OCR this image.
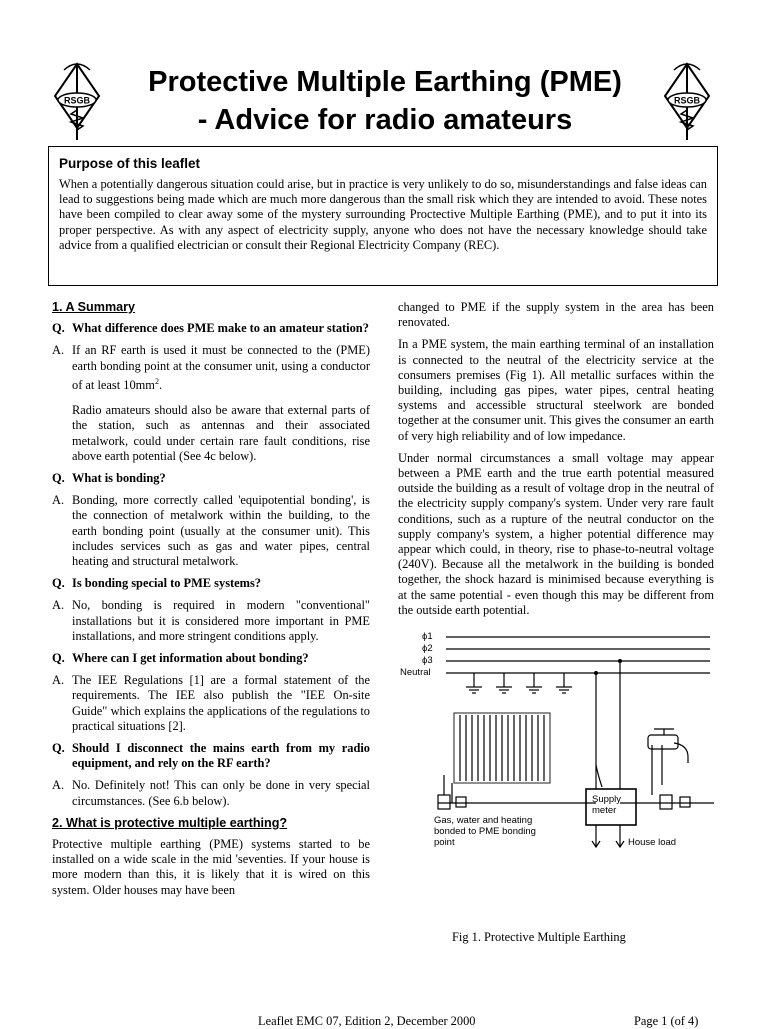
RSGB	RSGB
Protective Multiple Earthing (PME)
- Advice for radio amateurs
Purpose of this leaflet

When a potentially dangerous situation could arise, but in practice is very unlikely to do so, misunderstandings and false ideas can lead to suggestions being made which are much more dangerous than the small risk which they are intended to avoid. These notes have been compiled to clear away some of the mystery surrounding Proctective Multiple Earthing (PME), and to put it into its proper perspective. As with any aspect of electricity supply, anyone who does not have the necessary knowledge should take advice from a qualified electrician or consult their Regional Electricity Company (REC).

1. A Summary
Q. What difference does PME make to an amateur station?
A. If an RF earth is used it must be connected to the (PME) earth bonding point at the consumer unit, using a conductor of at least $10mm^2$.
Radio amateurs should also be aware that external parts of the station, such as antennas and their associated metalwork, could under certain rare fault conditions, rise above earth potential (See 4c below).
Q. What is bonding?
A. Bonding, more correctly called 'equipotential bonding', is the connection of metalwork within the building, to the earth bonding point (usually at the consumer unit). This includes services such as gas and water pipes, central heating and structural metalwork.
Q. Is bonding special to PME systems?
A. No, bonding is required in modern "conventional" installations but it is considered more important in PME installations, and more stringent conditions apply.
Q. Where can I get information about bonding?
A. The IEE Regulations [1] are a formal statement of the requirements. The IEE also publish the "IEE On-site Guide" which explains the applications of the regulations to practical situations [2].
Q. Should I disconnect the mains earth from my radio equipment, and rely on the RF earth?
A. No. Definitely not! This can only be done in very special circumstances. (See 6.b below).
2. What is protective multiple earthing?
Protective multiple earthing (PME) systems started to be installed on a wide scale in the mid 'seventies. If your house is more modern than this, it is likely that it is wired on this system. Older houses may have been
changed to PME if the supply system in the area has been renovated.
In a PME system, the main earthing terminal of an installation is connected to the neutral of the electricity service at the consumers premises (Fig 1). All metallic surfaces within the building, including gas pipes, water pipes, central heating systems and accessible structural steelwork are bonded together at the consumer unit. This gives the consumer an earth of very high reliability and of low impedance.
Under normal circumstances a small voltage may appear between a PME earth and the true earth potential measured outside the building as a result of voltage drop in the neutral of the electricity supply company's system. Under very rare fault conditions, such as a rupture of the neutral conductor on the supply company's system, a higher potential difference may appear which could, in theory, rise to phase-to-neutral voltage (240V). Because all the metalwork in the building is bonded together, the shock hazard is minimised because everything is at the same potential - even though this may be different from the outside earth potential.
ϕ1
ϕ2
ϕ3
Neutral
Gas, water and heating bonded to PME bonding point
Supply meter
House load
Fig 1. Protective Multiple Earthing
Leaflet EMC 07, Edition 2, December 2000	Page 1 (of 4)
